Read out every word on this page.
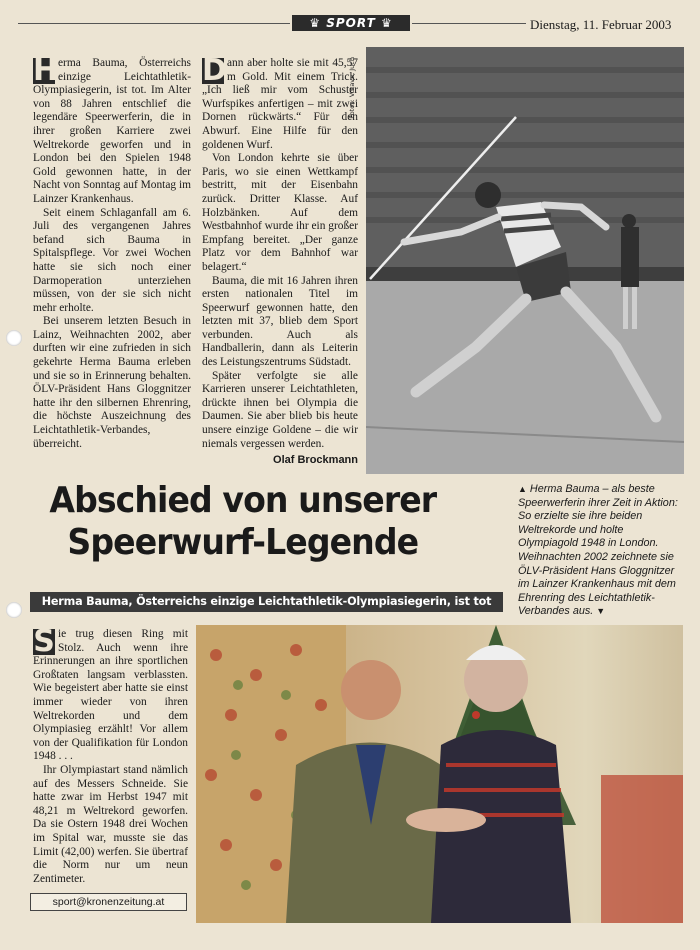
♛ SPORT ♛	Dienstag, 11. Februar 2003

H erma Bauma, Österreichs einzige Leichtathletik-Olympiasiegerin, ist tot. Im Alter von 88 Jahren entschlief die legendäre Speerwerferin, die in ihrer großen Karriere zwei Weltrekorde geworfen und in London bei den Spielen 1948 Gold gewonnen hatte, in der Nacht von Sonntag auf Montag im Lainzer Krankenhaus.

Seit einem Schlaganfall am 6. Juli des vergangenen Jahres befand sich Bauma in Spitalspflege. Vor zwei Wochen hatte sie sich noch einer Darmoperation unterziehen müssen, von der sie sich nicht mehr erholte.

Bei unserem letzten Besuch in Lainz, Weihnachten 2002, aber durften wir eine zufrieden in sich gekehrte Herma Bauma erleben und sie so in Erinnerung behalten. ÖLV-Präsident Hans Gloggnitzer hatte ihr den silbernen Ehrenring, die höchste Auszeichnung des Leichtathletik-Verbandes, überreicht.

D ann aber holte sie mit 45,57 m Gold. Mit einem Trick. „Ich ließ mir vom Schuster Wurfspikes anfertigen – mit zwei Dornen rückwärts.“ Für den Abwurf. Eine Hilfe für den goldenen Wurf.

Von London kehrte sie über Paris, wo sie einen Wettkampf bestritt, mit der Eisenbahn zurück. Dritter Klasse. Auf Holzbänken. Auf dem Westbahnhof wurde ihr ein großer Empfang bereitet. „Der ganze Platz vor dem Bahnhof war belagert.“

Bauma, die mit 16 Jahren ihren ersten nationalen Titel im Speerwurf gewonnen hatte, den letzten mit 37, blieb dem Sport verbunden. Auch als Handballerin, dann als Leiterin des Leistungszentrums Südstadt.

Später verfolgte sie alle Karrieren unserer Leichtathleten, drückte ihnen bei Olympia die Daumen. Sie aber blieb bis heute unsere einzige Goldene – die wir niemals vergessen werden.

Olaf Brockmann
Fotos: Votava, Juch
Abschied von unserer
Speerwurf-Legende
Herma Bauma, Österreichs einzige Leichtathletik-Olympiasiegerin, ist tot
▲ Herma Bauma – als beste Speerwerferin ihrer Zeit in Aktion: So erzielte sie ihre beiden Weltrekorde und holte Olympiagold 1948 in London. Weihnachten 2002 zeichnete sie ÖLV-Präsident Hans Gloggnitzer im Lainzer Krankenhaus mit dem Ehrenring des Leichtathletik-Verbandes aus. ▼

S ie trug diesen Ring mit Stolz. Auch wenn ihre Erinnerungen an ihre sportlichen Großtaten langsam verblassten. Wie begeistert aber hatte sie einst immer wieder von ihren Weltrekorden und dem Olympiasieg erzählt! Vor allem von der Qualifikation für London 1948 . . .

Ihr Olympiastart stand nämlich auf des Messers Schneide. Sie hatte zwar im Herbst 1947 mit 48,21 m Weltrekord geworfen. Da sie Ostern 1948 drei Wochen im Spital war, musste sie das Limit (42,00) werfen. Sie übertraf die Norm nur um neun Zentimeter.

sport@kronenzeitung.at
